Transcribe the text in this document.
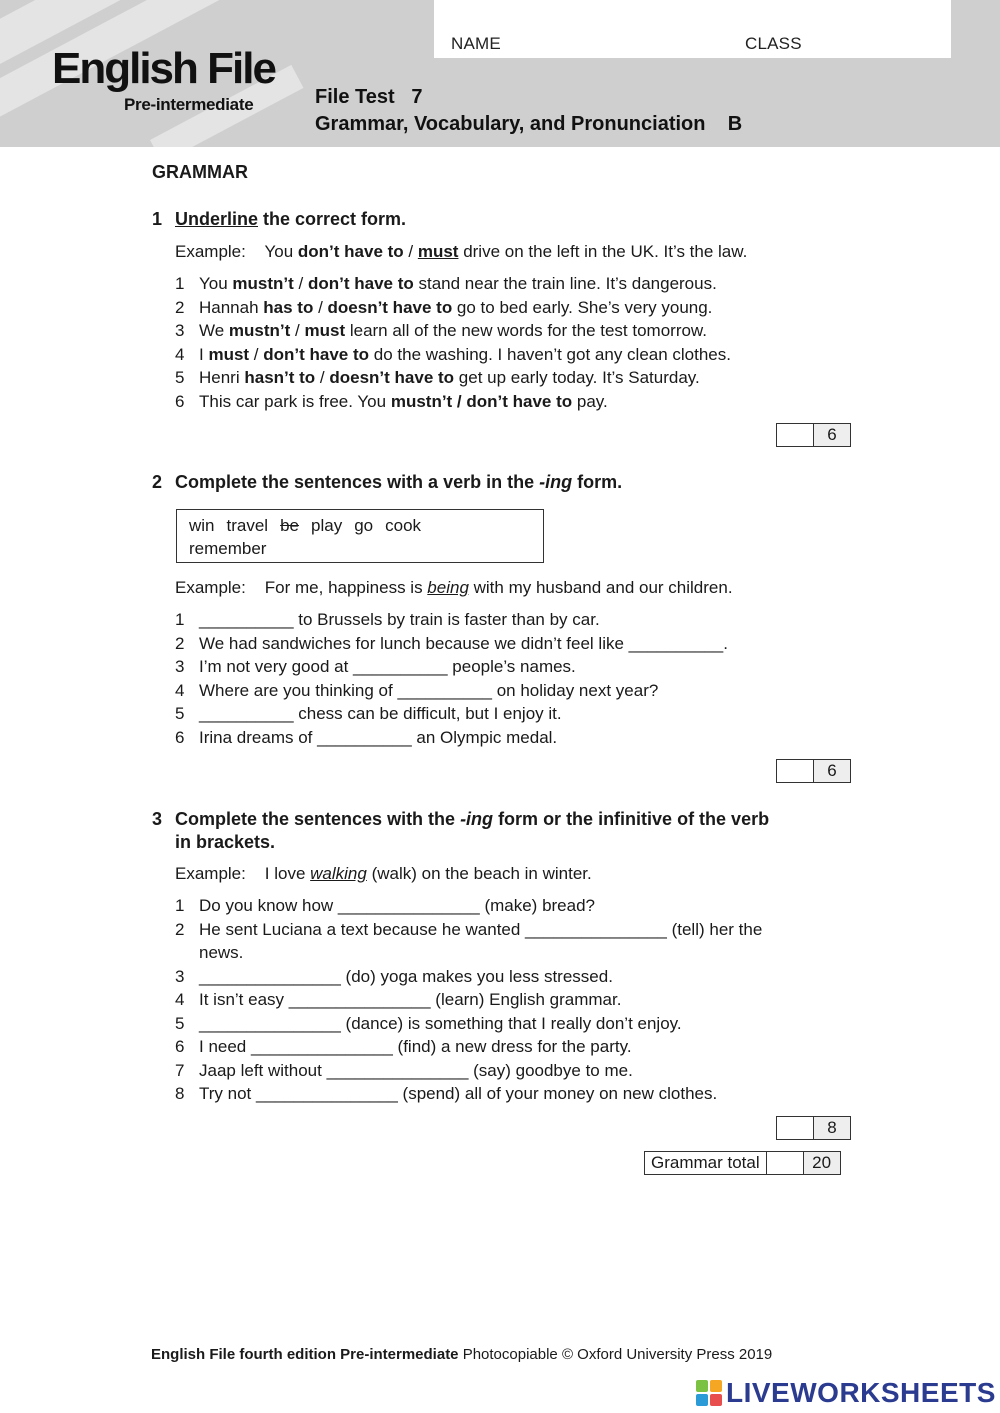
English File
Pre-intermediate
NAME	CLASS
File Test   7
Grammar, Vocabulary, and Pronunciation    B
GRAMMAR
1 Underline the correct form.
Example: You don’t have to / must drive on the left in the UK. It’s the law.
1 You mustn’t / don’t have to stand near the train line. It’s dangerous.
2 Hannah has to / doesn’t have to go to bed early. She’s very young.
3 We mustn’t / must learn all of the new words for the test tomorrow.
4 I must / don’t have to do the washing. I haven’t got any clean clothes.
5 Henri hasn’t to / doesn’t have to get up early today. It’s Saturday.
6 This car park is free. You mustn’t / don’t have to pay.
6
2 Complete the sentences with a verb in the -ing form.
win travel be play go cook
remember
Example: For me, happiness is being with my husband and our children.
1 __________ to Brussels by train is faster than by car.
2 We had sandwiches for lunch because we didn’t feel like __________.
3 I’m not very good at __________ people’s names.
4 Where are you thinking of __________ on holiday next year?
5 __________ chess can be difficult, but I enjoy it.
6 Irina dreams of __________ an Olympic medal.
6
3 Complete the sentences with the -ing form or the infinitive of the verb
in brackets.
Example: I love walking (walk) on the beach in winter.
1 Do you know how _______________ (make) bread?
2 He sent Luciana a text because he wanted _______________ (tell) her the
news.
3 _______________ (do) yoga makes you less stressed.
4 It isn’t easy _______________ (learn) English grammar.
5 _______________ (dance) is something that I really don’t enjoy.
6 I need _______________ (find) a new dress for the party.
7 Jaap left without _______________ (say) goodbye to me.
8 Try not _______________ (spend) all of your money on new clothes.
8
Grammar total	20
English File fourth edition Pre-intermediate Photocopiable © Oxford University Press 2019
LIVEWORKSHEETS
